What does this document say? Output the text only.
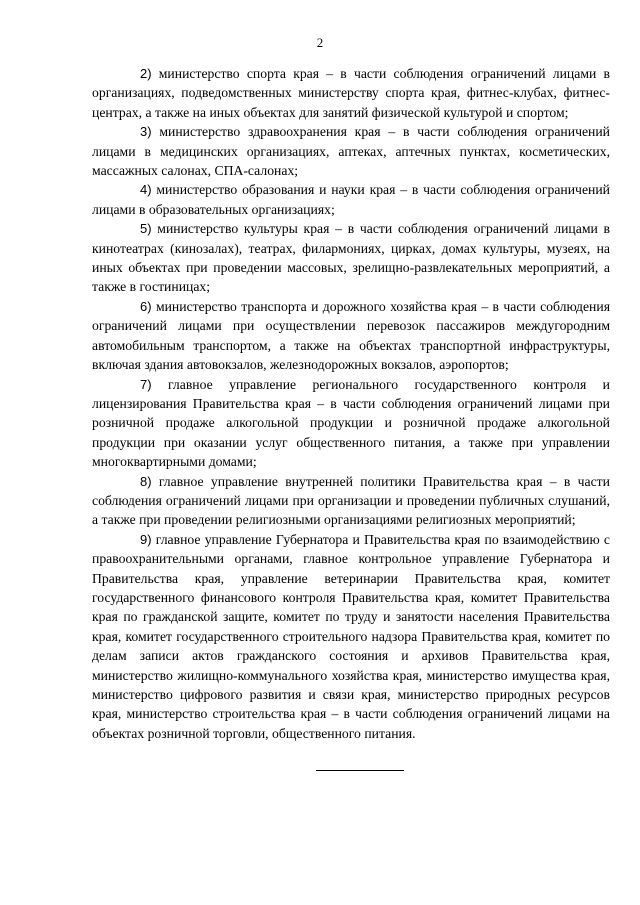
2

2) министерство спорта края – в части соблюдения ограничений лицами в организациях, подведомственных министерству спорта края, фитнес-клубах, фитнес-центрах, а также на иных объектах для занятий физической культурой и спортом;

3) министерство здравоохранения края – в части соблюдения ограничений лицами в медицинских организациях, аптеках, аптечных пунктах, косметических, массажных салонах, СПА-салонах;

4) министерство образования и науки края – в части соблюдения ограничений лицами в образовательных организациях;

5) министерство культуры края – в части соблюдения ограничений лицами в кинотеатрах (кинозалах), театрах, филармониях, цирках, домах культуры, музеях, на иных объектах при проведении массовых, зрелищно-развлекательных мероприятий, а также в гостиницах;

6) министерство транспорта и дорожного хозяйства края – в части соблюдения ограничений лицами при осуществлении перевозок пассажиров междугородним автомобильным транспортом, а также на объектах транспортной инфраструктуры, включая здания автовокзалов, железнодорожных вокзалов, аэропортов;

7) главное управление регионального государственного контроля и лицензирования Правительства края – в части соблюдения ограничений лицами при розничной продаже алкогольной продукции и розничной продаже алкогольной продукции при оказании услуг общественного питания, а также при управлении многоквартирными домами;

8) главное управление внутренней политики Правительства края – в части соблюдения ограничений лицами при организации и проведении публичных слушаний, а также при проведении религиозными организациями религиозных мероприятий;

9) главное управление Губернатора и Правительства края по взаимодействию с правоохранительными органами, главное контрольное управление Губернатора и Правительства края, управление ветеринарии Правительства края, комитет государственного финансового контроля Правительства края, комитет Правительства края по гражданской защите, комитет по труду и занятости населения Правительства края, комитет государственного строительного надзора Правительства края, комитет по делам записи актов гражданского состояния и архивов Правительства края, министерство жилищно-коммунального хозяйства края, министерство имущества края, министерство цифрового развития и связи края, министерство природных ресурсов края, министерство строительства края – в части соблюдения ограничений лицами на объектах розничной торговли, общественного питания.
